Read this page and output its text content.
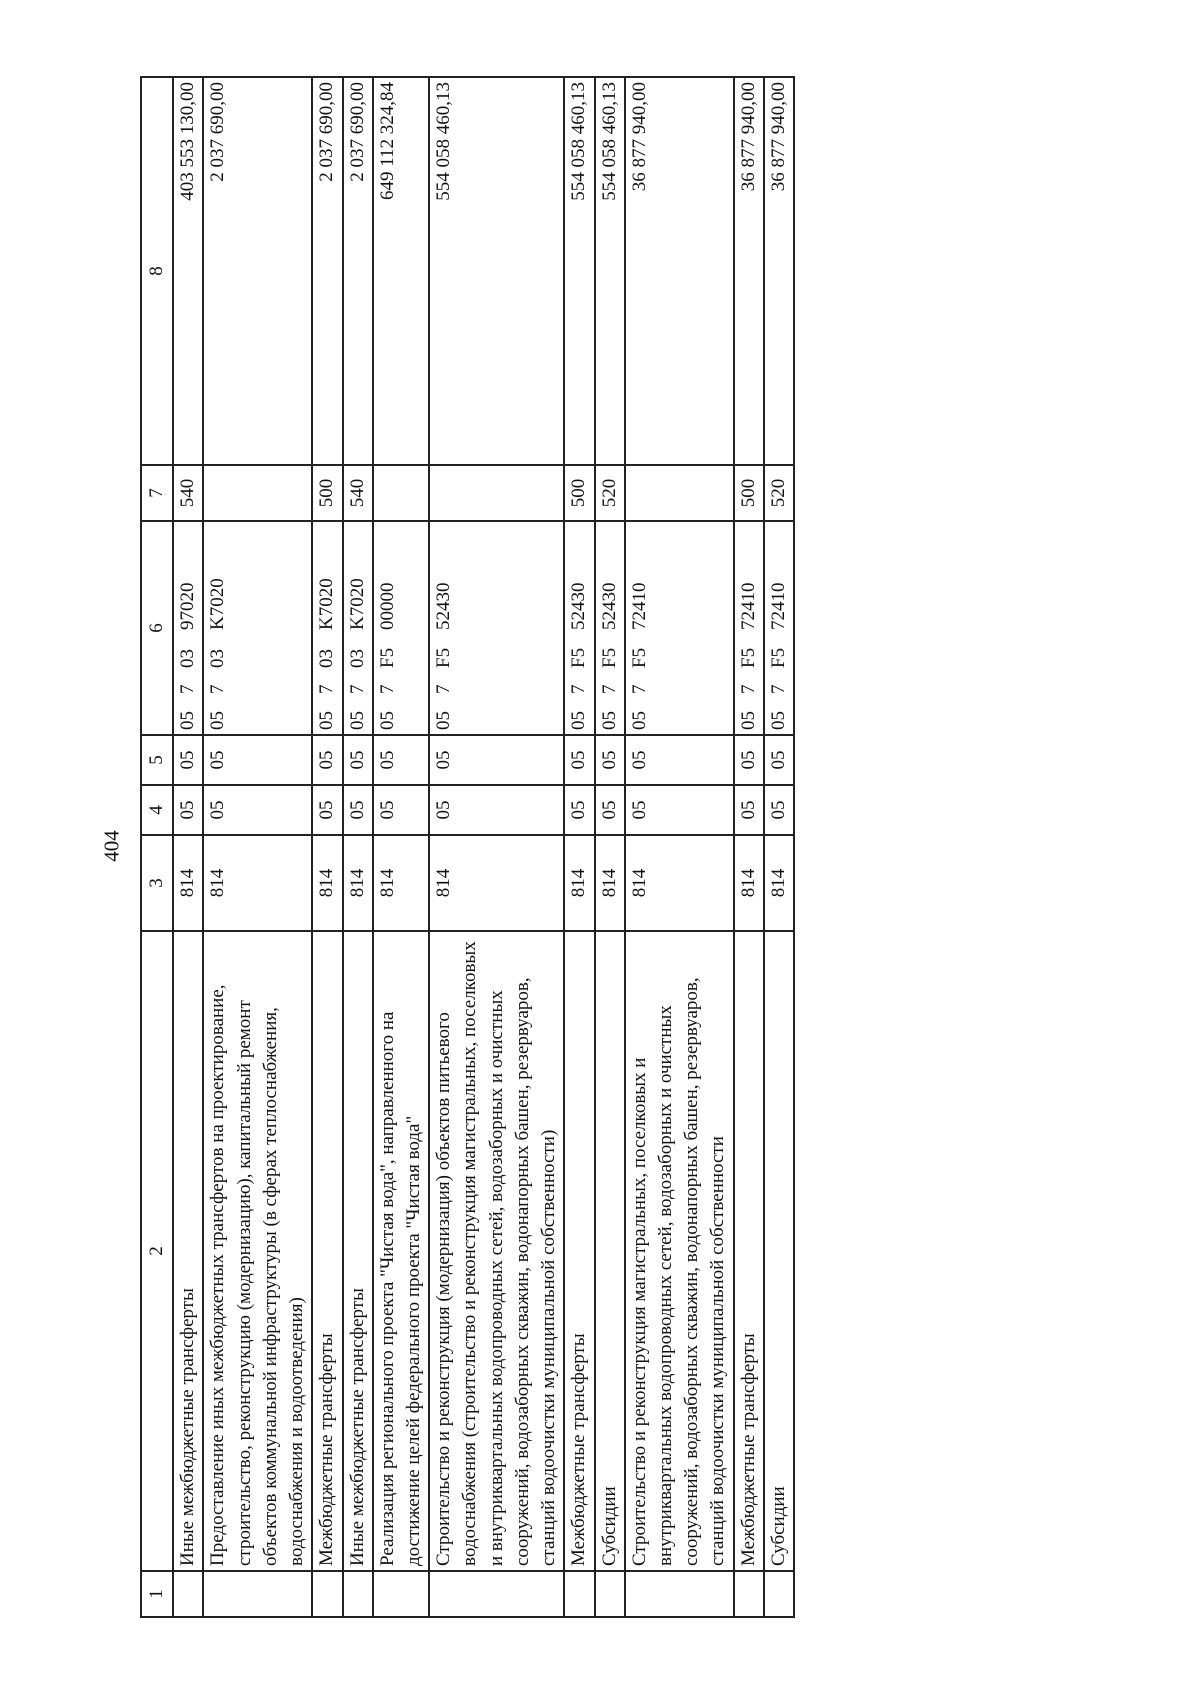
404
1	2	3	4	5	6	7	8
	Иные межбюджетные трансферты	814	05	05	0570397020	540	403 553 130,00
	Предоставление иных межбюджетных трансфертов на проектирование, строительство, реконструкцию (модернизацию), капитальный ремонт объектов коммунальной инфраструктуры (в сферах теплоснабжения, водоснабжения и водоотведения)	814	05	05	05703K7020		2 037 690,00
	Межбюджетные трансферты	814	05	05	05703K7020	500	2 037 690,00
	Иные межбюджетные трансферты	814	05	05	05703K7020	540	2 037 690,00
	Реализация регионального проекта "Чистая вода", направленного на достижение целей федерального проекта "Чистая вода"	814	05	05	057F500000		649 112 324,84
	Строительство и реконструкция (модернизация) объектов питьевого водоснабжения (строительство и реконструкция магистральных, поселковых и внутриквартальных водопроводных сетей, водозаборных и очистных сооружений, водозаборных скважин, водонапорных башен, резервуаров, станций водоочистки муниципальной собственности)	814	05	05	057F552430		554 058 460,13
	Межбюджетные трансферты	814	05	05	057F552430	500	554 058 460,13
	Субсидии	814	05	05	057F552430	520	554 058 460,13
	Строительство и реконструкция магистральных, поселковых и внутриквартальных водопроводных сетей, водозаборных и очистных сооружений, водозаборных скважин, водонапорных башен, резервуаров, станций водоочистки муниципальной собственности	814	05	05	057F572410		36 877 940,00
	Межбюджетные трансферты	814	05	05	057F572410	500	36 877 940,00
	Субсидии	814	05	05	057F572410	520	36 877 940,00
